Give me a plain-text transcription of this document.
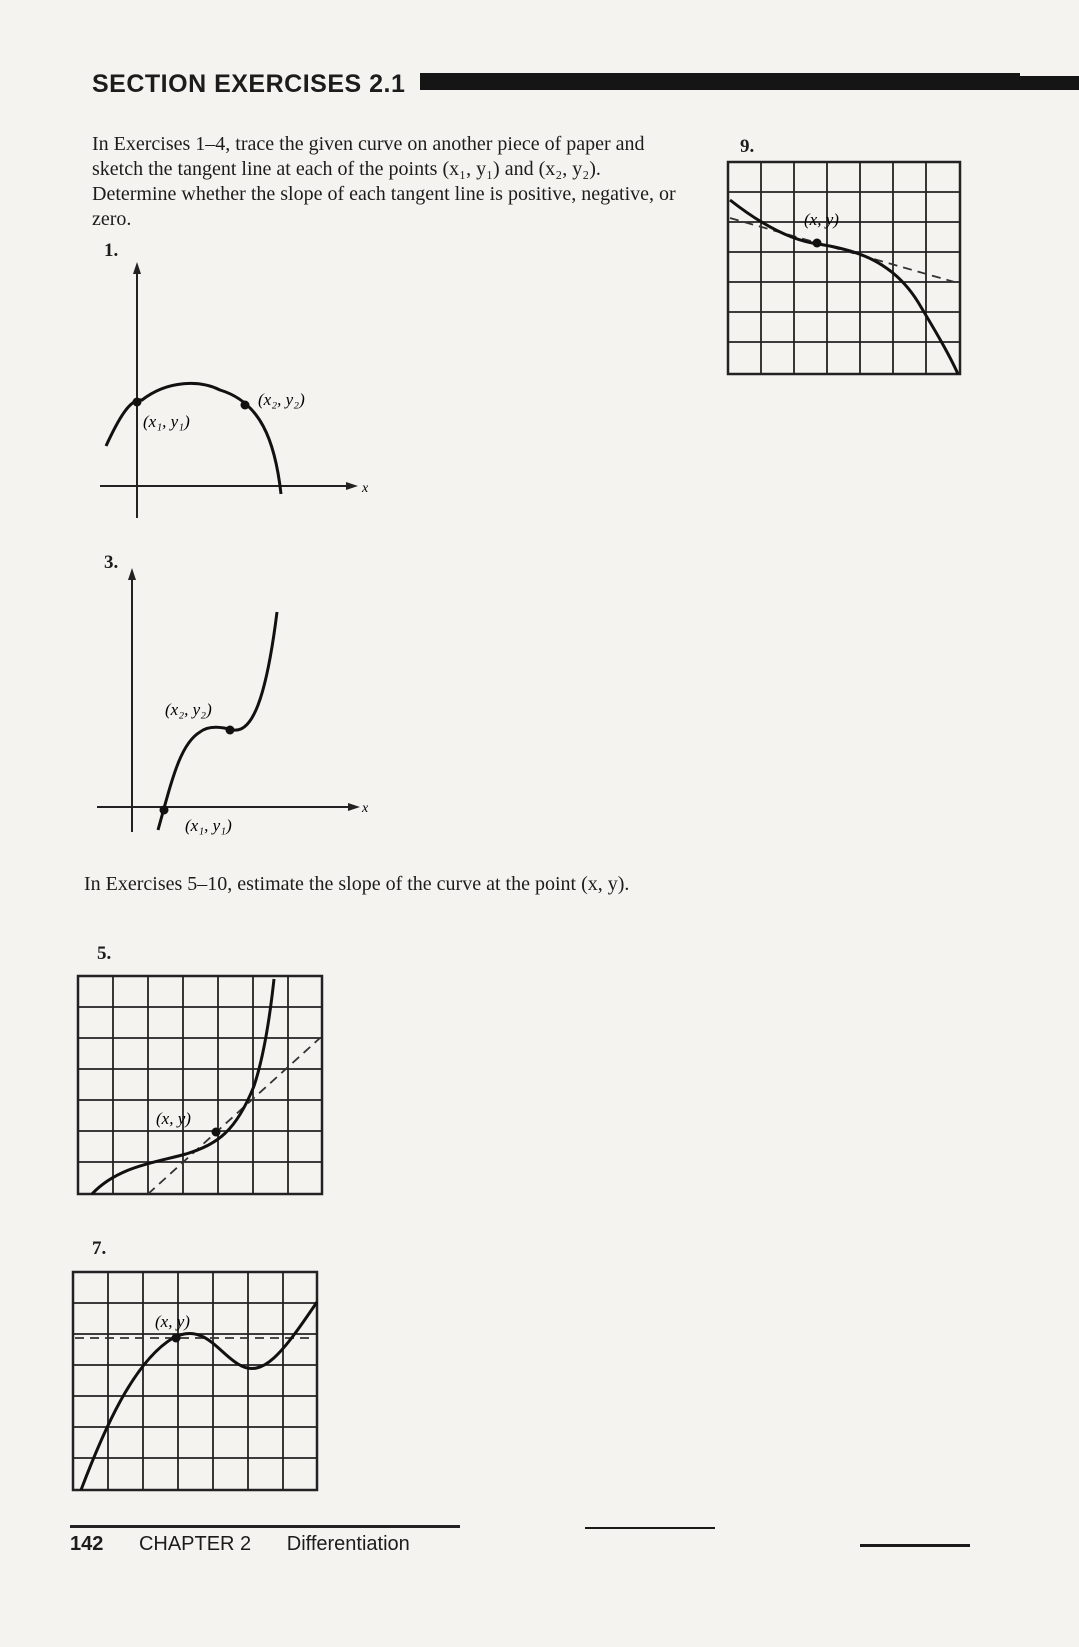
SECTION EXERCISES 2.1
In Exercises 1–4, trace the given curve on another piece of paper and sketch the tangent line at each of the points (x₁, y₁) and (x₂, y₂). Determine whether the slope of each tangent line is positive, negative, or zero.
1.
x
(x₁, y₁)
(x₂, y₂)
3.
x
(x₁, y₁)
(x₂, y₂)
In Exercises 5–10, estimate the slope of the curve at the point (x, y).
5.
(x, y)
7.
(x, y)
9.
(x, y)
142 CHAPTER 2 Differentiation
